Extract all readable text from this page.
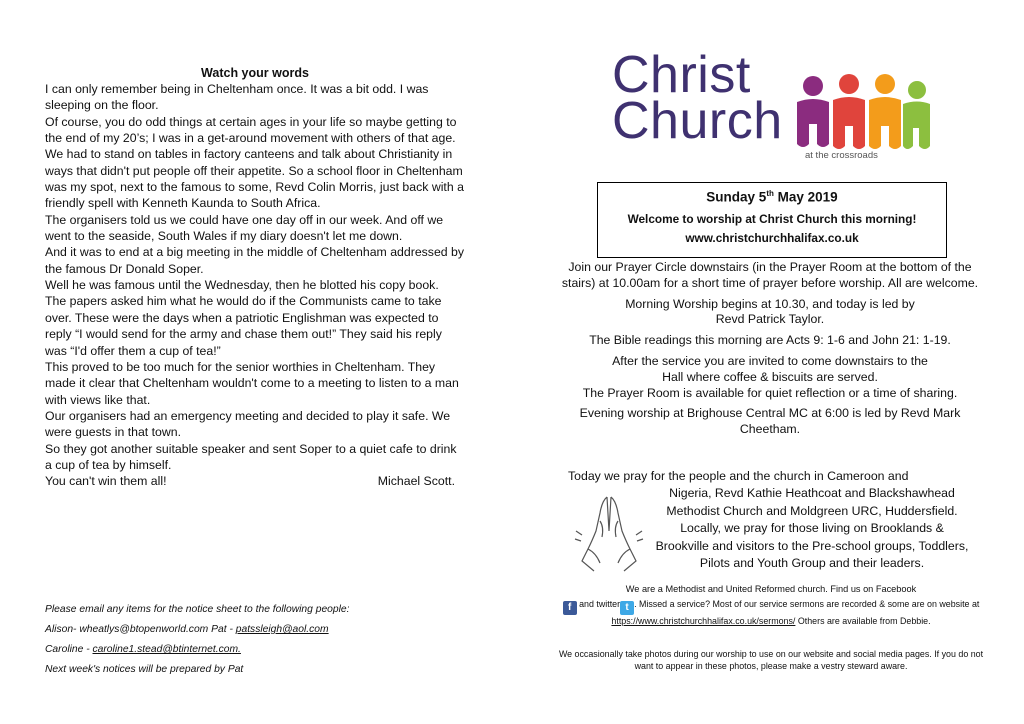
Watch your words

I can only remember being in Cheltenham once. It was a bit odd. I was sleeping on the floor.

Of course, you do odd things at certain ages in your life so maybe getting to the end of my 20’s; I was in a get-around movement with others of that age.

We had to stand on tables in factory canteens and talk about Christianity in ways that didn't put people off their appetite. So a school floor in Cheltenham was my spot, next to the famous to some, Revd Colin Morris, just back with a friendly spell with Kenneth Kaunda to South Africa.

The organisers told us we could have one day off in our week. And off we went to the seaside, South Wales if my diary doesn't let me down.

And it was to end at a big meeting in the middle of Cheltenham addressed by the famous Dr Donald Soper.

Well he was famous until the Wednesday, then he blotted his copy book.

The papers asked him what he would do if the Communists came to take over. These were the days when a patriotic Englishman was expected to reply “I would send for the army and chase them out!” They said his reply was “I'd offer them a cup of tea!”

This proved to be too much for the senior worthies in Cheltenham. They made it clear that Cheltenham wouldn't come to a meeting to listen to a man with views like that.

Our organisers had an emergency meeting and decided to play it safe. We were guests in that town.

So they got another suitable speaker and sent Soper to a quiet cafe to drink a cup of tea by himself.

You can't win them all!	Michael Scott.
Please email any items for the notice sheet to the following people:
Alison- wheatlys@btopenworld.com Pat - patssleigh@aol.com
Caroline - caroline1.stead@btinternet.com.
Next week's notices will be prepared by Pat
Christ
Church
at the crossroads
Sunday 5th May 2019
Welcome to worship at Christ Church this morning!
www.christchurchhalifax.co.uk

Join our Prayer Circle downstairs (in the Prayer Room at the bottom of the stairs) at 10.00am for a short time of prayer before worship. All are welcome.

Morning Worship begins at 10.30, and today is led by Revd Patrick Taylor.

The Bible readings this morning are Acts 9: 1-6 and John 21: 1-19.

After the service you are invited to come downstairs to the Hall where coffee & biscuits are served.

The Prayer Room is available for quiet reflection or a time of sharing.

Evening worship at Brighouse Central MC at 6:00 is led by Revd Mark Cheetham.

Today we pray for the people and the church in Cameroon and
Nigeria, Revd Kathie Heathcoat and Blackshawhead Methodist Church and Moldgreen URC, Huddersfield. Locally, we pray for those living on Brooklands & Brookville and visitors to the Pre-school groups, Toddlers, Pilots and Youth Group and their leaders.
We are a Methodist and United Reformed church. Find us on Facebook
f and twitter t . Missed a service? Most of our service sermons are recorded & some are on website at https://www.christchurchhalifax.co.uk/sermons/ Others are available from Debbie.
We occasionally take photos during our worship to use on our website and social media pages. If you do not want to appear in these photos, please make a vestry steward aware.
